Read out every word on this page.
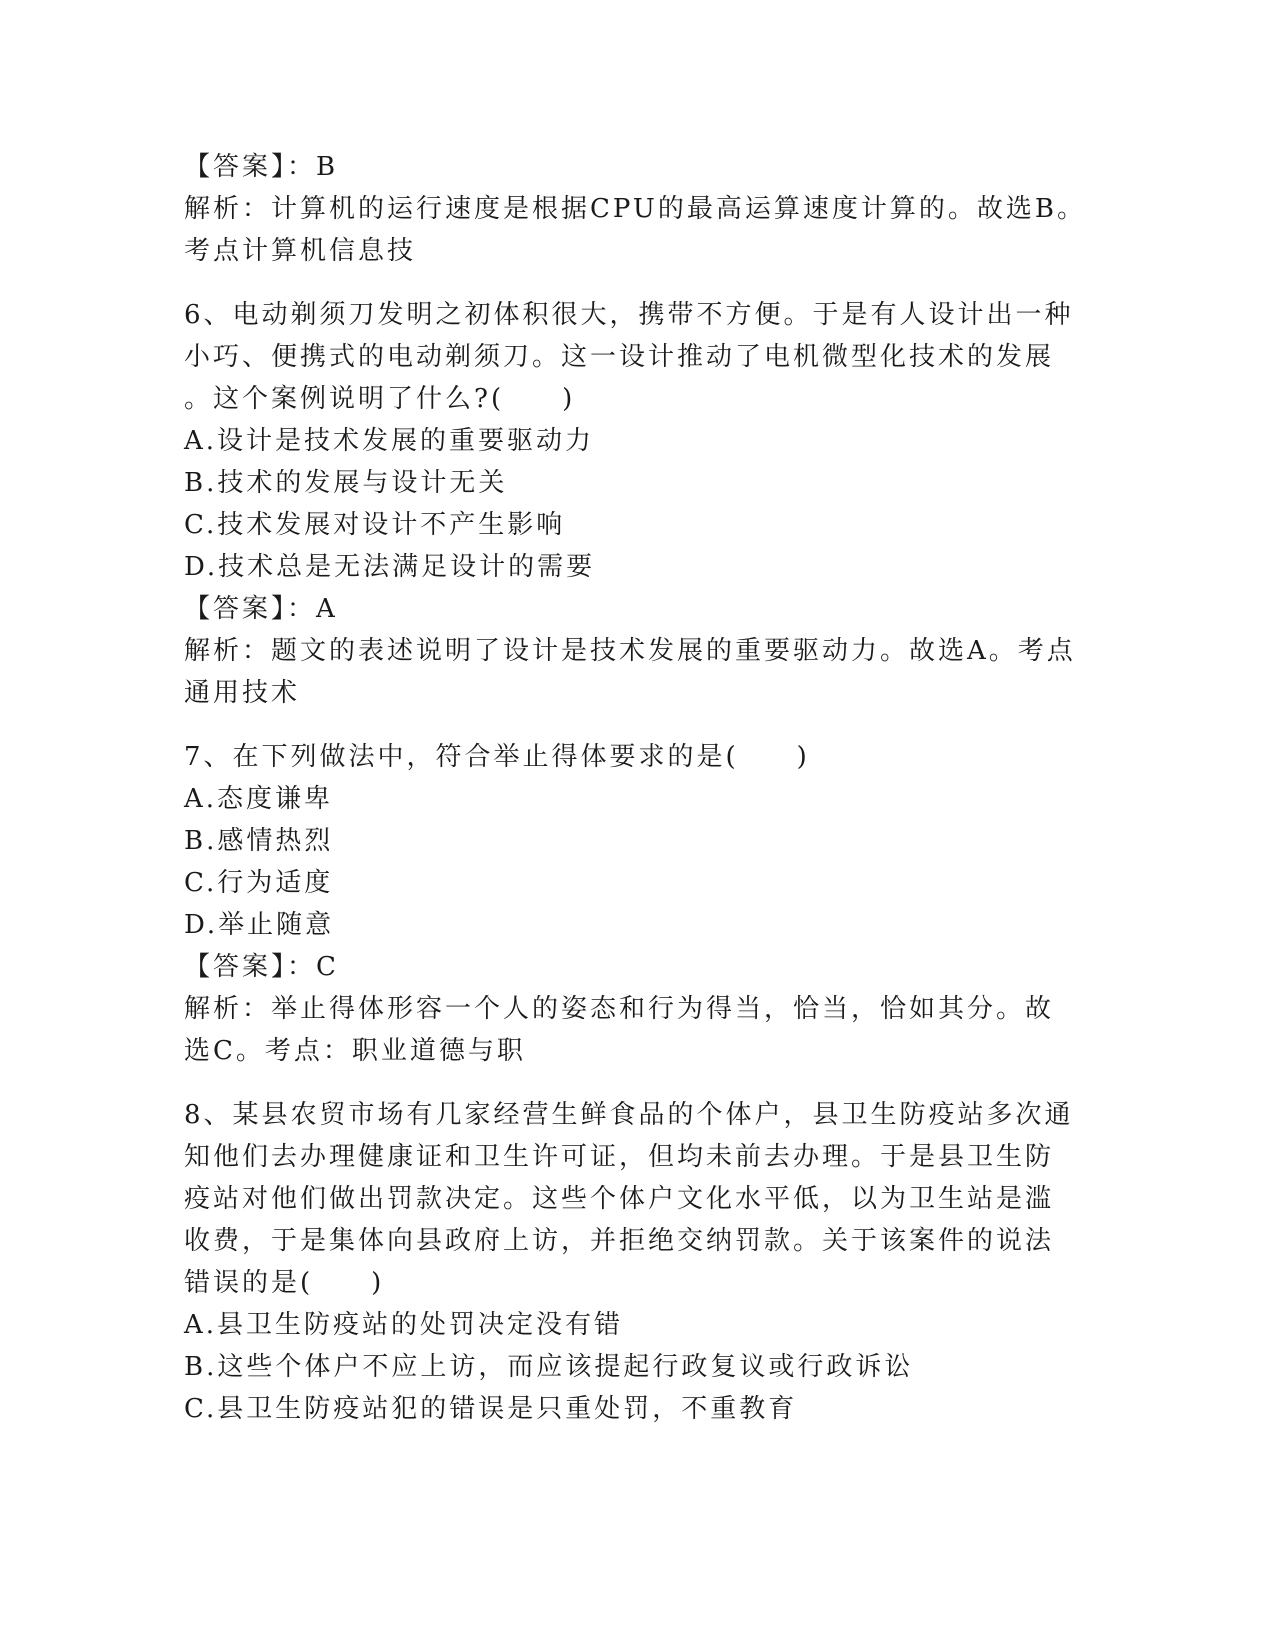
【答案】：B
解析：计算机的运行速度是根据CPU的最高运算速度计算的。故选B。
考点计算机信息技
6、电动剃须刀发明之初体积很大，携带不方便。于是有人设计出一种
小巧、便携式的电动剃须刀。这一设计推动了电机微型化技术的发展
。这个案例说明了什么?(　　)
A.设计是技术发展的重要驱动力
B.技术的发展与设计无关
C.技术发展对设计不产生影响
D.技术总是无法满足设计的需要
【答案】：A
解析：题文的表述说明了设计是技术发展的重要驱动力。故选A。考点
通用技术
7、在下列做法中，符合举止得体要求的是(　　)
A.态度谦卑
B.感情热烈
C.行为适度
D.举止随意
【答案】：C
解析：举止得体形容一个人的姿态和行为得当，恰当，恰如其分。故
选C。考点：职业道德与职
8、某县农贸市场有几家经营生鲜食品的个体户，县卫生防疫站多次通
知他们去办理健康证和卫生许可证，但均未前去办理。于是县卫生防
疫站对他们做出罚款决定。这些个体户文化水平低，以为卫生站是滥
收费，于是集体向县政府上访，并拒绝交纳罚款。关于该案件的说法
错误的是(　　)
A.县卫生防疫站的处罚决定没有错
B.这些个体户不应上访，而应该提起行政复议或行政诉讼
C.县卫生防疫站犯的错误是只重处罚，不重教育
